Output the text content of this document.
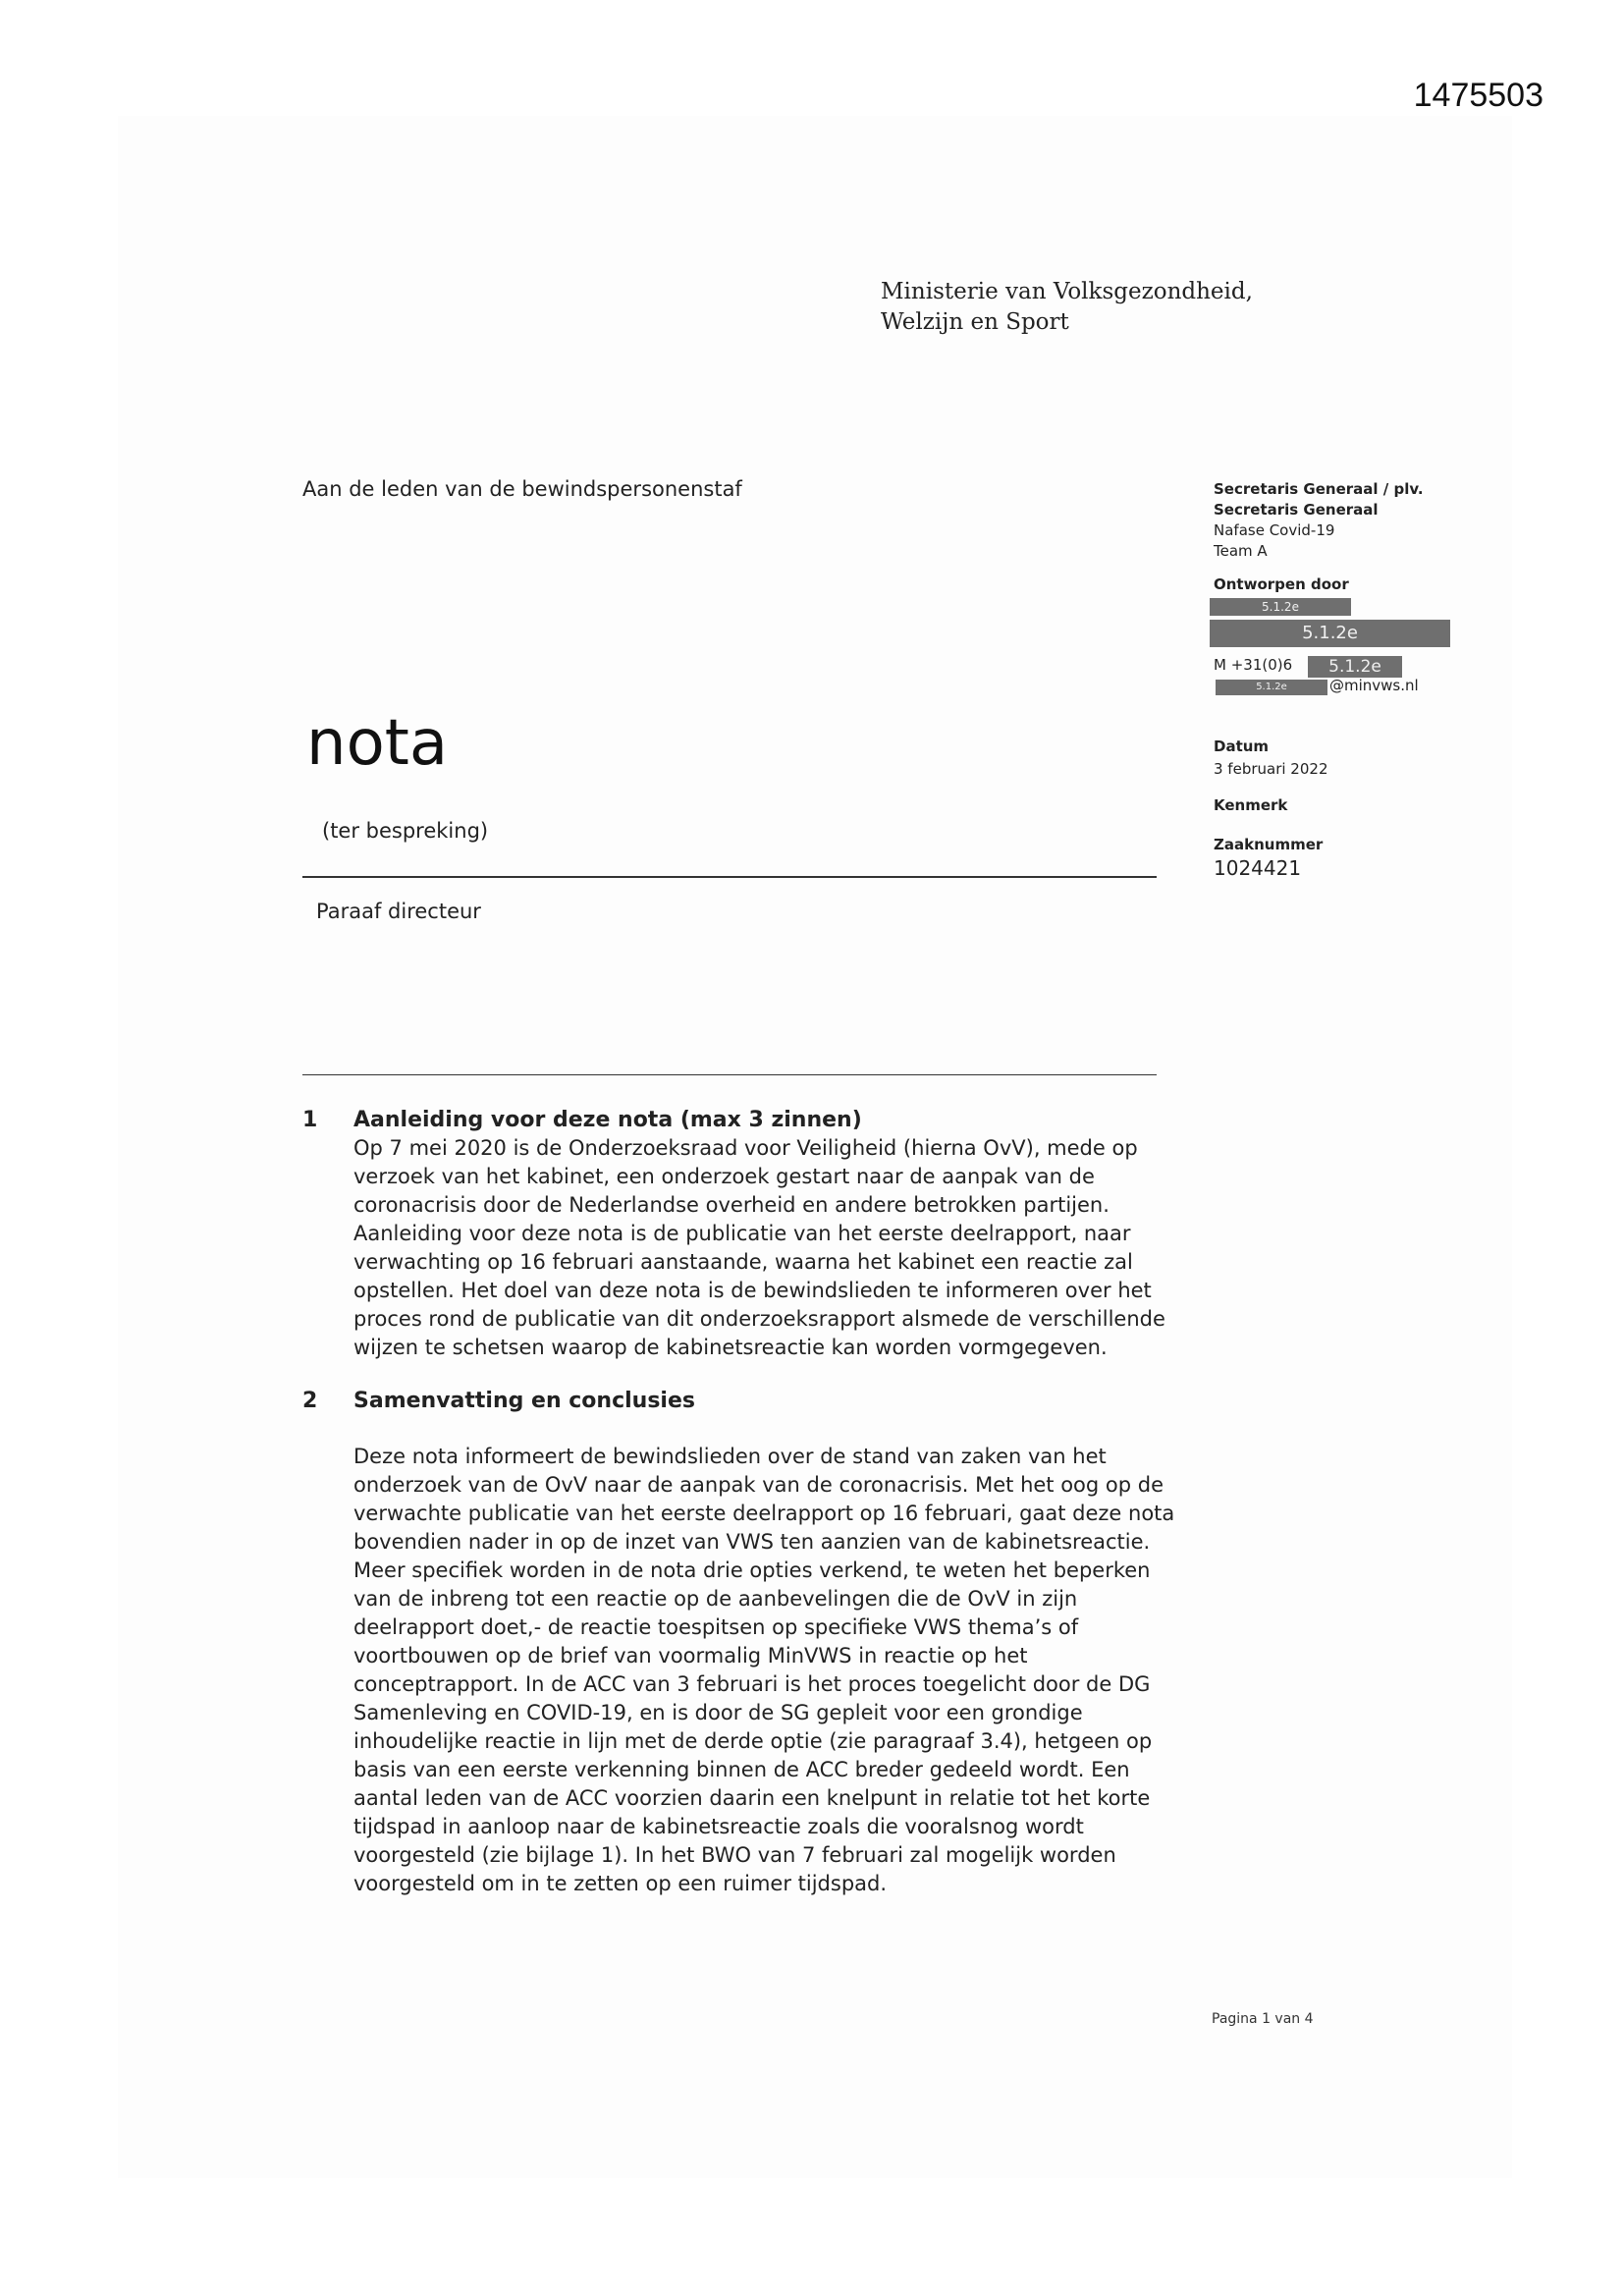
1475503
Ministerie van Volksgezondheid,
Welzijn en Sport
Aan de leden van de bewindspersonenstaf	Secretaris Generaal / plv.
Secretaris Generaal
Nafase Covid-19
Team A
Ontworpen door
5.1.2e
5.1.2e
M +31(0)6	5.1.2e
5.1.2e	@minvws.nl
Datum
3 februari 2022
Kenmerk
Zaaknummer
1024421
nota
(ter bespreking)
Paraaf directeur
1 Aanleiding voor deze nota (max 3 zinnen)
Op 7 mei 2020 is de Onderzoeksraad voor Veiligheid (hierna OvV), mede op verzoek van het kabinet, een onderzoek gestart naar de aanpak van de coronacrisis door de Nederlandse overheid en andere betrokken partijen. Aanleiding voor deze nota is de publicatie van het eerste deelrapport, naar verwachting op 16 februari aanstaande, waarna het kabinet een reactie zal opstellen. Het doel van deze nota is de bewindslieden te informeren over het proces rond de publicatie van dit onderzoeksrapport alsmede de verschillende wijzen te schetsen waarop de kabinetsreactie kan worden vormgegeven.
2 Samenvatting en conclusies
Deze nota informeert de bewindslieden over de stand van zaken van het onderzoek van de OvV naar de aanpak van de coronacrisis. Met het oog op de verwachte publicatie van het eerste deelrapport op 16 februari, gaat deze nota bovendien nader in op de inzet van VWS ten aanzien van de kabinetsreactie. Meer specifiek worden in de nota drie opties verkend, te weten het beperken van de inbreng tot een reactie op de aanbevelingen die de OvV in zijn deelrapport doet,- de reactie toespitsen op specifieke VWS thema’s of voortbouwen op de brief van voormalig MinVWS in reactie op het conceptrapport. In de ACC van 3 februari is het proces toegelicht door de DG Samenleving en COVID-19, en is door de SG gepleit voor een grondige inhoudelijke reactie in lijn met de derde optie (zie paragraaf 3.4), hetgeen op basis van een eerste verkenning binnen de ACC breder gedeeld wordt. Een aantal leden van de ACC voorzien daarin een knelpunt in relatie tot het korte tijdspad in aanloop naar de kabinetsreactie zoals die vooralsnog wordt voorgesteld (zie bijlage 1). In het BWO van 7 februari zal mogelijk worden voorgesteld om in te zetten op een ruimer tijdspad.
Pagina 1 van 4
